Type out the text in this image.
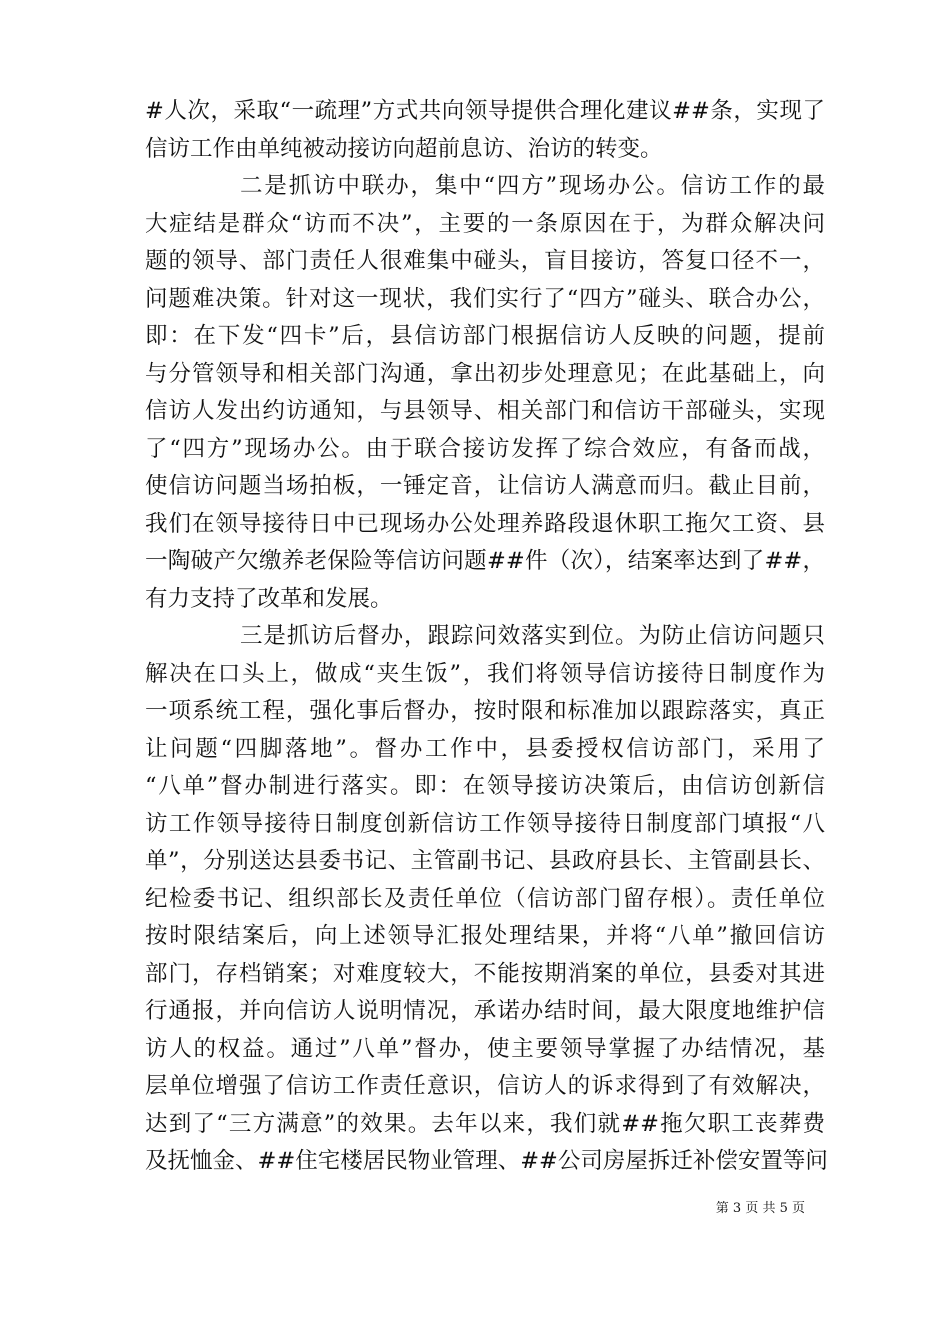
#人次，采取“一疏理”方式共向领导提供合理化建议##条，实现了
信访工作由单纯被动接访向超前息访、治访的转变。
二是抓访中联办，集中“四方”现场办公。信访工作的最
大症结是群众“访而不决”，主要的一条原因在于，为群众解决问
题的领导、部门责任人很难集中碰头，盲目接访，答复口径不一，
问题难决策。针对这一现状，我们实行了“四方”碰头、联合办公，
即：在下发“四卡”后，县信访部门根据信访人反映的问题，提前
与分管领导和相关部门沟通，拿出初步处理意见；在此基础上，向
信访人发出约访通知，与县领导、相关部门和信访干部碰头，实现
了“四方”现场办公。由于联合接访发挥了综合效应，有备而战，
使信访问题当场拍板，一锤定音，让信访人满意而归。截止目前，
我们在领导接待日中已现场办公处理养路段退休职工拖欠工资、县
一陶破产欠缴养老保险等信访问题##件（次），结案率达到了##，
有力支持了改革和发展。
三是抓访后督办，跟踪问效落实到位。为防止信访问题只
解决在口头上，做成“夹生饭”，我们将领导信访接待日制度作为
一项系统工程，强化事后督办，按时限和标准加以跟踪落实，真正
让问题“四脚落地”。督办工作中，县委授权信访部门，采用了
“八单”督办制进行落实。即：在领导接访决策后，由信访创新信
访工作领导接待日制度创新信访工作领导接待日制度部门填报“八
单”，分别送达县委书记、主管副书记、县政府县长、主管副县长、
纪检委书记、组织部长及责任单位（信访部门留存根）。责任单位
按时限结案后，向上述领导汇报处理结果，并将“八单”撤回信访
部门，存档销案；对难度较大，不能按期消案的单位，县委对其进
行通报，并向信访人说明情况，承诺办结时间，最大限度地维护信
访人的权益。通过”八单”督办，使主要领导掌握了办结情况，基
层单位增强了信访工作责任意识，信访人的诉求得到了有效解决，
达到了“三方满意”的效果。去年以来，我们就##拖欠职工丧葬费
及抚恤金、##住宅楼居民物业管理、##公司房屋拆迁补偿安置等问
第 3 页 共 5 页
